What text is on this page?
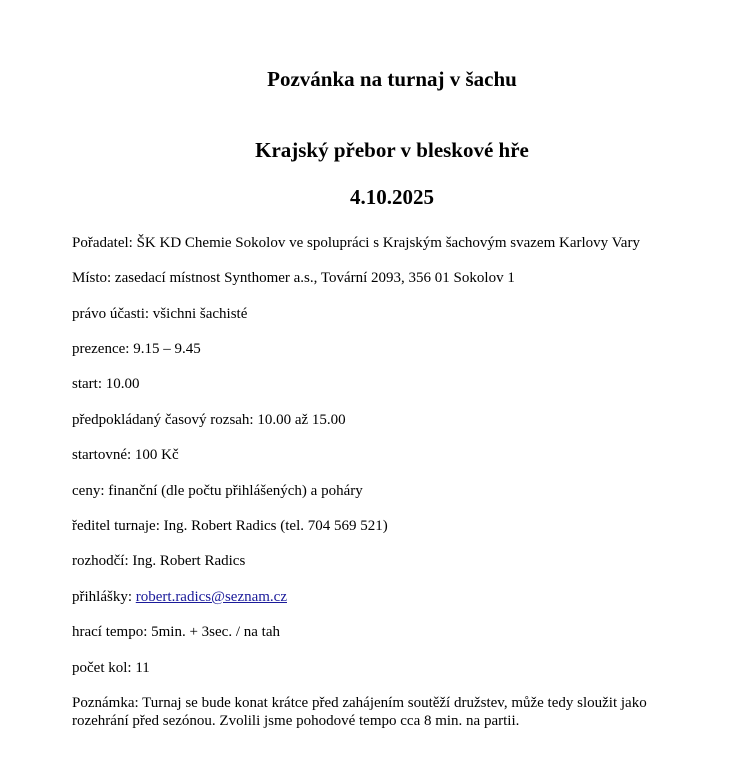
Pozvánka na turnaj v šachu
Krajský přebor v bleskové hře
4.10.2025

Pořadatel: ŠK KD Chemie Sokolov ve spolupráci s Krajským šachovým svazem Karlovy Vary

Místo: zasedací místnost Synthomer a.s., Tovární 2093, 356 01 Sokolov 1

právo účasti: všichni šachisté

prezence: 9.15 – 9.45

start: 10.00

předpokládaný časový rozsah: 10.00 až 15.00

startovné: 100 Kč

ceny: finanční (dle počtu přihlášených) a poháry

ředitel turnaje: Ing. Robert Radics (tel. 704 569 521)

rozhodčí: Ing. Robert Radics

přihlášky: robert.radics@seznam.cz

hrací tempo: 5min. + 3sec. / na tah

počet kol: 11

Poznámka: Turnaj se bude konat krátce před zahájením soutěží družstev, může tedy sloužit jako rozehrání před sezónou. Zvolili jsme pohodové tempo cca 8 min. na partii.
